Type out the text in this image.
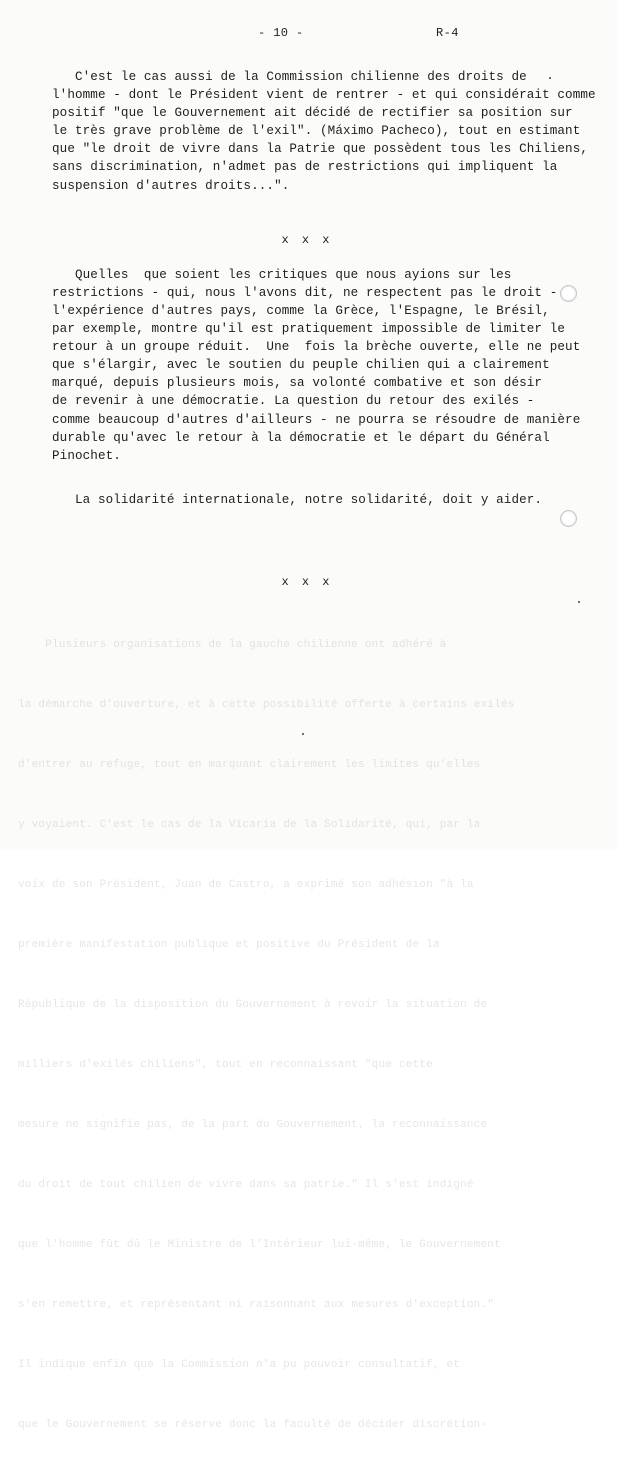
Plusieurs organisations de la gauche chilienne ont adhéré à

la démarche d'ouverture, et à cette possibilité offerte à certains exilés

d'entrer au refuge, tout en marquant clairement les limites qu'elles

y voyaient. C'est le cas de la Vicaria de la Solidarité, qui, par la

voix de son Président, Juan de Castro, a exprimé son adhésion "à la

première manifestation publique et positive du Président de la

République de la disposition du Gouvernement à revoir la situation de

milliers d'exilés chiliens", tout en reconnaissant "que cette

mesure ne signifie pas, de la part du Gouvernement, la reconnaissance

du droit de tout chilien de vivre dans sa patrie." Il s'est indigné

que l'homme fût dû le Ministre de l'Intérieur lui-même, le Gouvernement

s'en remettre, et représentant ni raisonnant aux mesures d'exception."

Il indique enfin que la Commission n'a pu pouvoir consultatif, et

que le Gouvernement se réserve donc la faculté de décider discrétion-

- 10 -	R-4
C'est le cas aussi de la Commission chilienne des droits de
l'homme - dont le Président vient de rentrer - et qui considérait comme
positif "que le Gouvernement ait décidé de rectifier sa position sur
le très grave problème de l'exil". (Máximo Pacheco), tout en estimant
que "le droit de vivre dans la Patrie que possèdent tous les Chiliens,
sans discrimination, n'admet pas de restrictions qui impliquent la
suspension d'autres droits...".
x x x
Quelles  que soient les critiques que nous ayions sur les
restrictions - qui, nous l'avons dit, ne respectent pas le droit -
l'expérience d'autres pays, comme la Grèce, l'Espagne, le Brésil,
par exemple, montre qu'il est pratiquement impossible de limiter le
retour à un groupe réduit.  Une  fois la brèche ouverte, elle ne peut
que s'élargir, avec le soutien du peuple chilien qui a clairement
marqué, depuis plusieurs mois, sa volonté combative et son désir
de revenir à une démocratie. La question du retour des exilés -
comme beaucoup d'autres d'ailleurs - ne pourra se résoudre de manière
durable qu'avec le retour à la démocratie et le départ du Général
Pinochet.
La solidarité internationale, notre solidarité, doit y aider.
x x x
